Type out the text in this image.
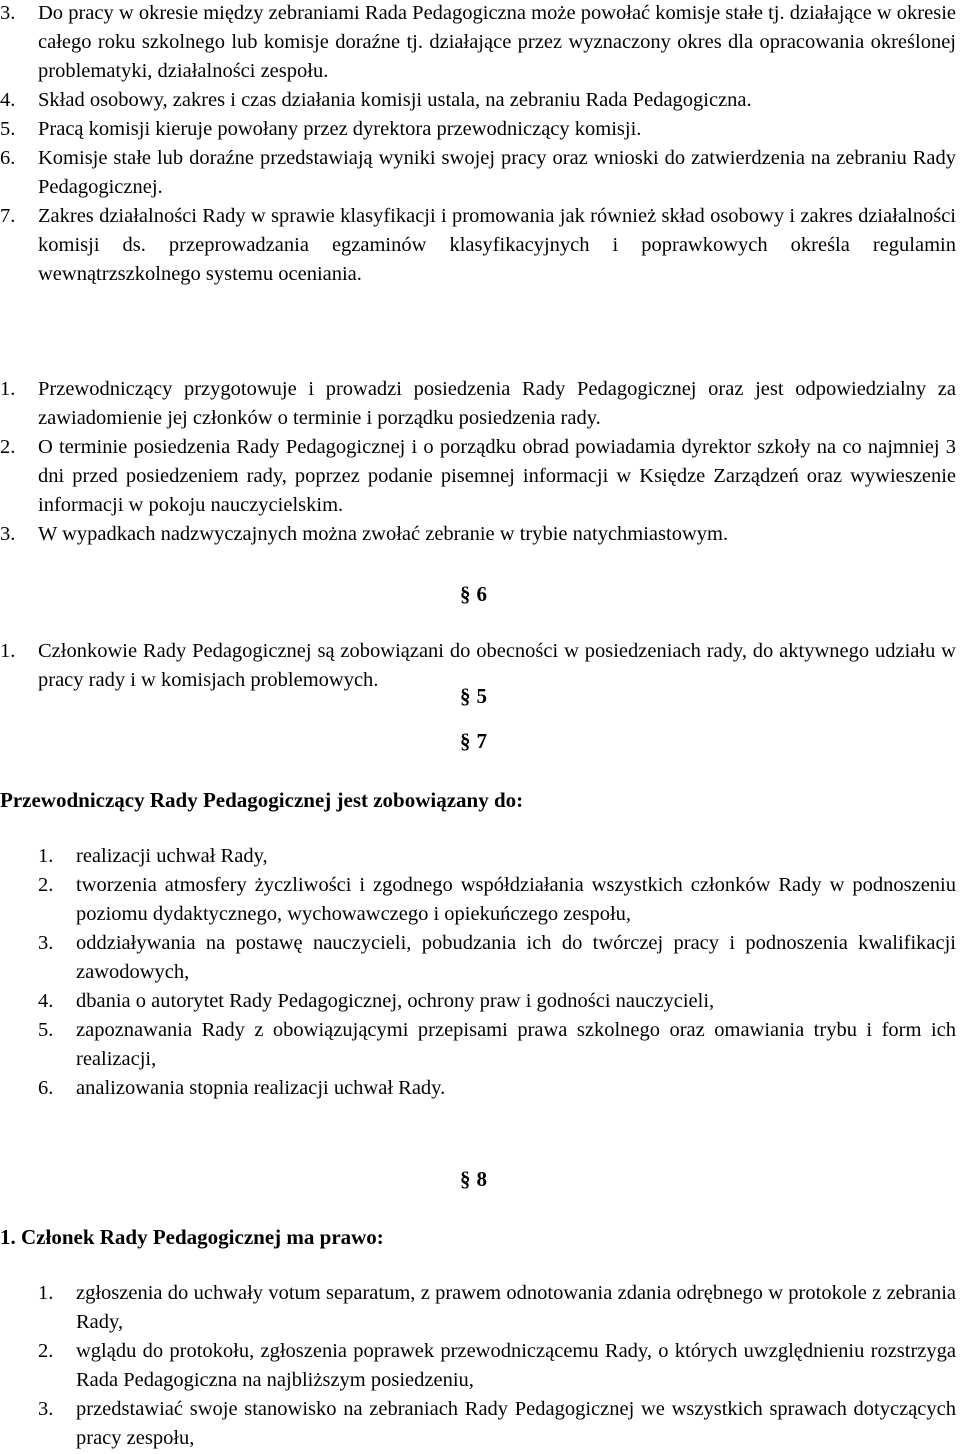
3. Do pracy w okresie między zebraniami Rada Pedagogiczna może powołać komisje stałe tj. działające w okresie całego roku szkolnego lub komisje doraźne tj. działające przez wyznaczony okres dla opracowania określonej problematyki, działalności zespołu.
4. Skład osobowy, zakres i czas działania komisji ustala, na zebraniu Rada Pedagogiczna.
5. Pracą komisji kieruje powołany przez dyrektora przewodniczący komisji.
6. Komisje stałe lub doraźne przedstawiają wyniki swojej pracy oraz wnioski do zatwierdzenia na zebraniu Rady Pedagogicznej.
7. Zakres działalności Rady w sprawie klasyfikacji i promowania jak również skład osobowy i zakres działalności komisji ds. przeprowadzania egzaminów klasyfikacyjnych i poprawkowych określa regulamin wewnątrzszkolnego systemu oceniania.
§ 5
1. Przewodniczący przygotowuje i prowadzi posiedzenia Rady Pedagogicznej oraz jest odpowiedzialny za zawiadomienie jej członków o terminie i porządku posiedzenia rady.
2. O terminie posiedzenia Rady Pedagogicznej i o porządku obrad powiadamia dyrektor szkoły na co najmniej 3 dni przed posiedzeniem rady, poprzez podanie pisemnej informacji w Księdze Zarządzeń oraz wywieszenie informacji w pokoju nauczycielskim.
3. W wypadkach nadzwyczajnych można zwołać zebranie w trybie natychmiastowym.
§ 6
1. Członkowie Rady Pedagogicznej są zobowiązani do obecności w posiedzeniach rady, do aktywnego udziału w pracy rady i w komisjach problemowych.
§ 7
Przewodniczący Rady Pedagogicznej jest zobowiązany do:
1. realizacji uchwał Rady,
2. tworzenia atmosfery życzliwości i zgodnego współdziałania wszystkich członków Rady w podnoszeniu poziomu dydaktycznego, wychowawczego i opiekuńczego zespołu,
3. oddziaływania na postawę nauczycieli, pobudzania ich do twórczej pracy i podnoszenia kwalifikacji zawodowych,
4. dbania o autorytet Rady Pedagogicznej, ochrony praw i godności nauczycieli,
5. zapoznawania Rady z obowiązującymi przepisami prawa szkolnego oraz omawiania trybu i form ich realizacji,
6. analizowania stopnia realizacji uchwał Rady.
§ 8
1. Członek Rady Pedagogicznej ma prawo:
1. zgłoszenia do uchwały votum separatum, z prawem odnotowania zdania odrębnego w protokole z zebrania Rady,
2. wglądu do protokołu, zgłoszenia poprawek przewodniczącemu Rady, o których uwzględnieniu rozstrzyga Rada Pedagogiczna na najbliższym posiedzeniu,
3. przedstawiać swoje stanowisko na zebraniach Rady Pedagogicznej we wszystkich sprawach dotyczących pracy zespołu,
